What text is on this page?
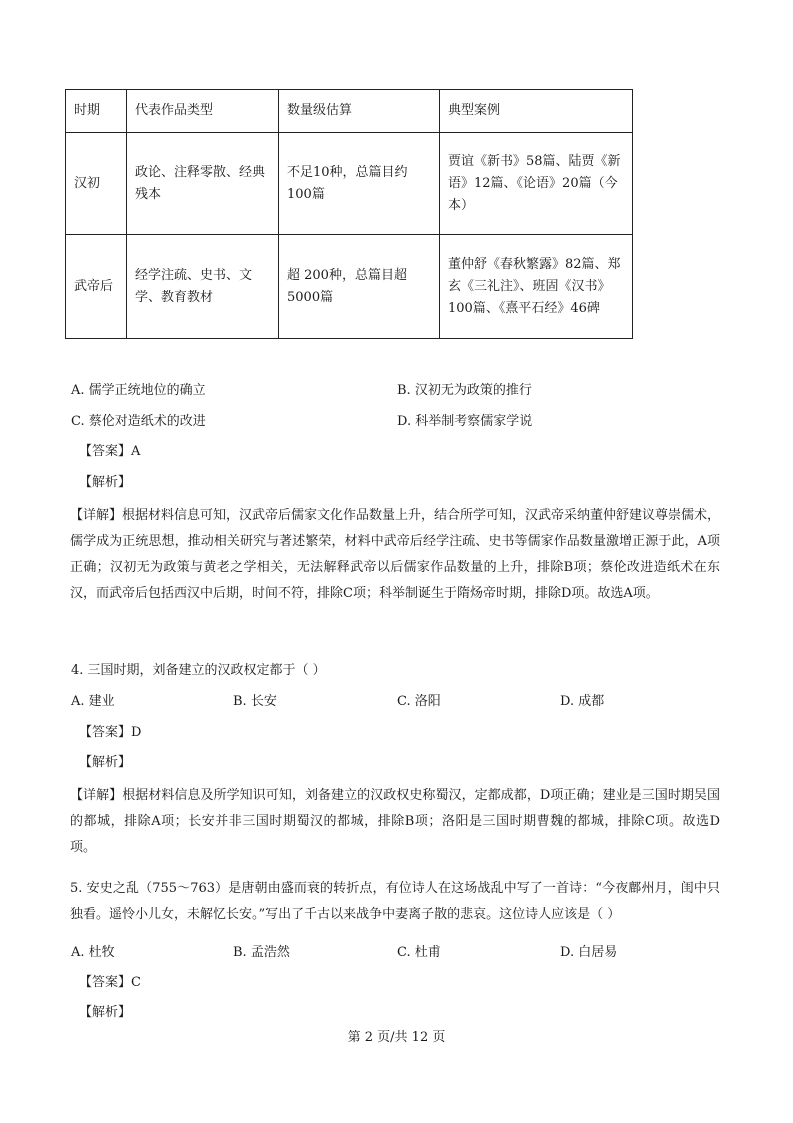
时期	代表作品类型	数量级估算	典型案例
汉初	政论、注释零散、经典残本	不足10种，总篇目约100篇	贾谊《新书》58篇、陆贾《新语》12篇、《论语》20篇（今本）
武帝后	经学注疏、史书、文学、教育教材	超 200种，总篇目超5000篇	董仲舒《春秋繁露》82篇、郑玄《三礼注》、班固《汉书》100篇、《熹平石经》46碑
A. 儒学正统地位的确立	B. 汉初无为政策的推行
C. 蔡伦对造纸术的改进	D. 科举制考察儒家学说
【答案】A
【解析】
【详解】根据材料信息可知，汉武帝后儒家文化作品数量上升，结合所学可知，汉武帝采纳董仲舒建议尊崇儒术，儒学成为正统思想，推动相关研究与著述繁荣，材料中武帝后经学注疏、史书等儒家作品数量激增正源于此，A项正确；汉初无为政策与黄老之学相关，无法解释武帝以后儒家作品数量的上升，排除B项；蔡伦改进造纸术在东汉，而武帝后包括西汉中后期，时间不符，排除C项；科举制诞生于隋炀帝时期，排除D项。故选A项。
4. 三国时期，刘备建立的汉政权定都于（ ）
A. 建业	B. 长安	C. 洛阳	D. 成都
【答案】D
【解析】
【详解】根据材料信息及所学知识可知，刘备建立的汉政权史称蜀汉，定都成都，D项正确；建业是三国时期吴国的都城，排除A项；长安并非三国时期蜀汉的都城，排除B项；洛阳是三国时期曹魏的都城，排除C项。故选D项。
5. 安史之乱（755～763）是唐朝由盛而衰的转折点，有位诗人在这场战乱中写了一首诗：“今夜鄜州月，闺中只独看。遥怜小儿女，未解忆长安。”写出了千古以来战争中妻离子散的悲哀。这位诗人应该是（ ）
A. 杜牧	B. 孟浩然	C. 杜甫	D. 白居易
【答案】C
【解析】
第 2 页/共 12 页
